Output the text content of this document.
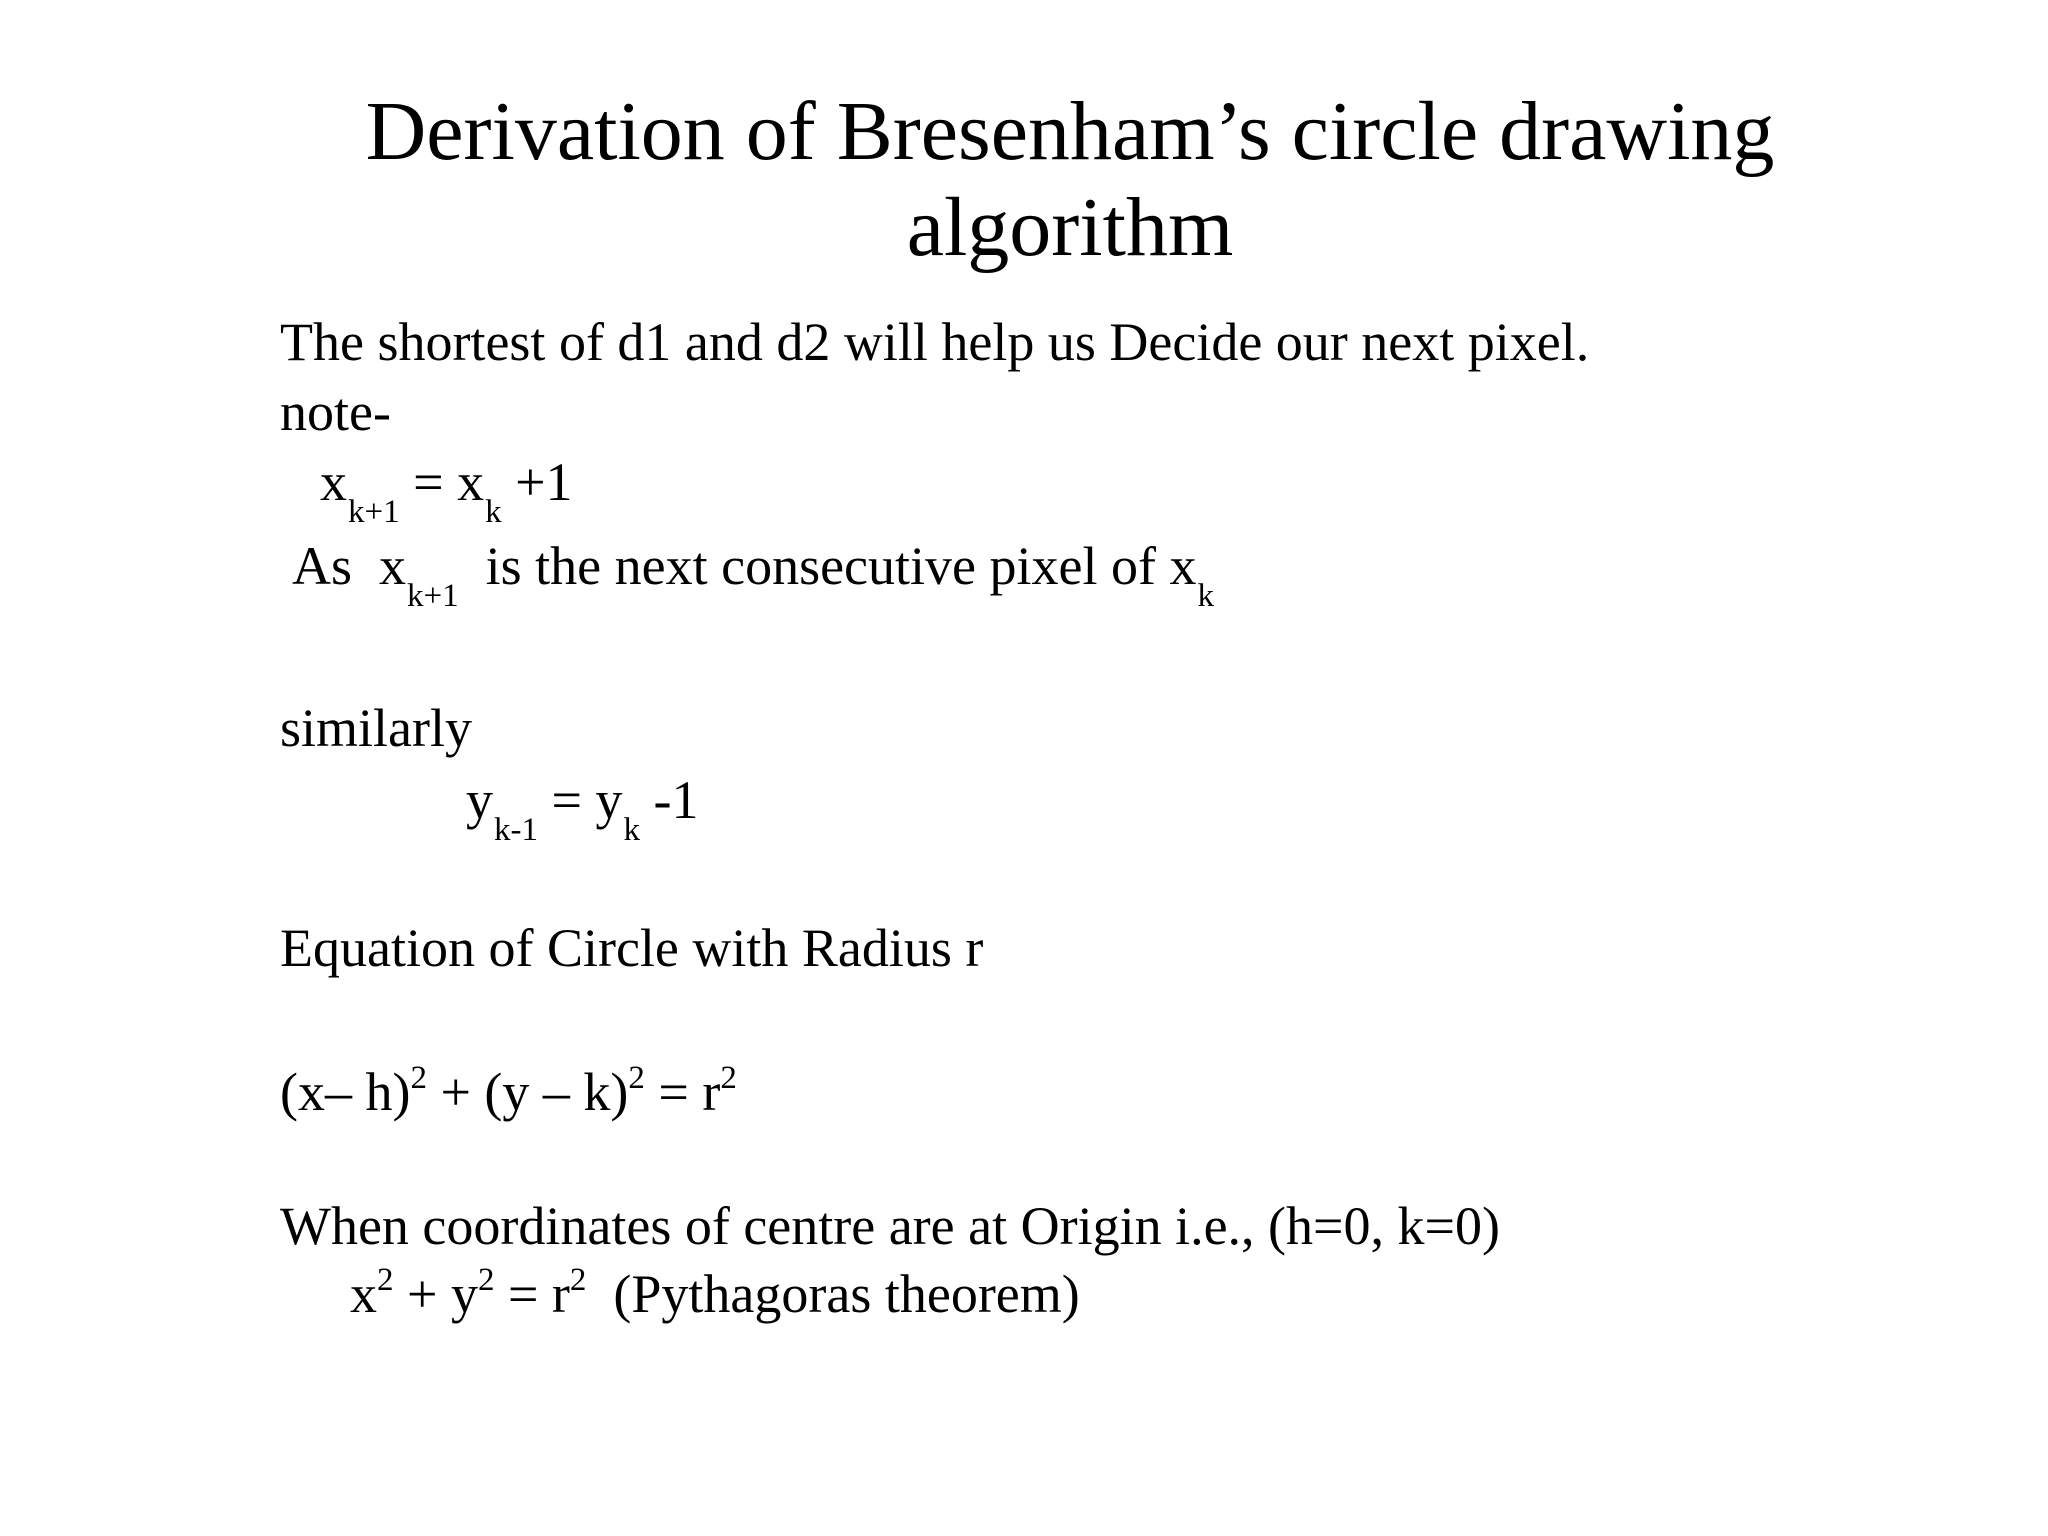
Derivation of Bresenham’s circle drawing
algorithm
The shortest of d1 and d2 will help us Decide our next pixel.
note-
$x_{k+1} = x_k +1$
As  $x_{k+1}$  is the next consecutive pixel of $x_k$
similarly
$y_{k-1} = y_k$ -1
Equation of Circle with Radius r
(x– $h)^2 + (y - k)^2 = r^2$
When coordinates of centre are at Origin i.e., (h=0, k=0)
$x^2 + y^2 = r^2$  (Pythagoras theorem)
